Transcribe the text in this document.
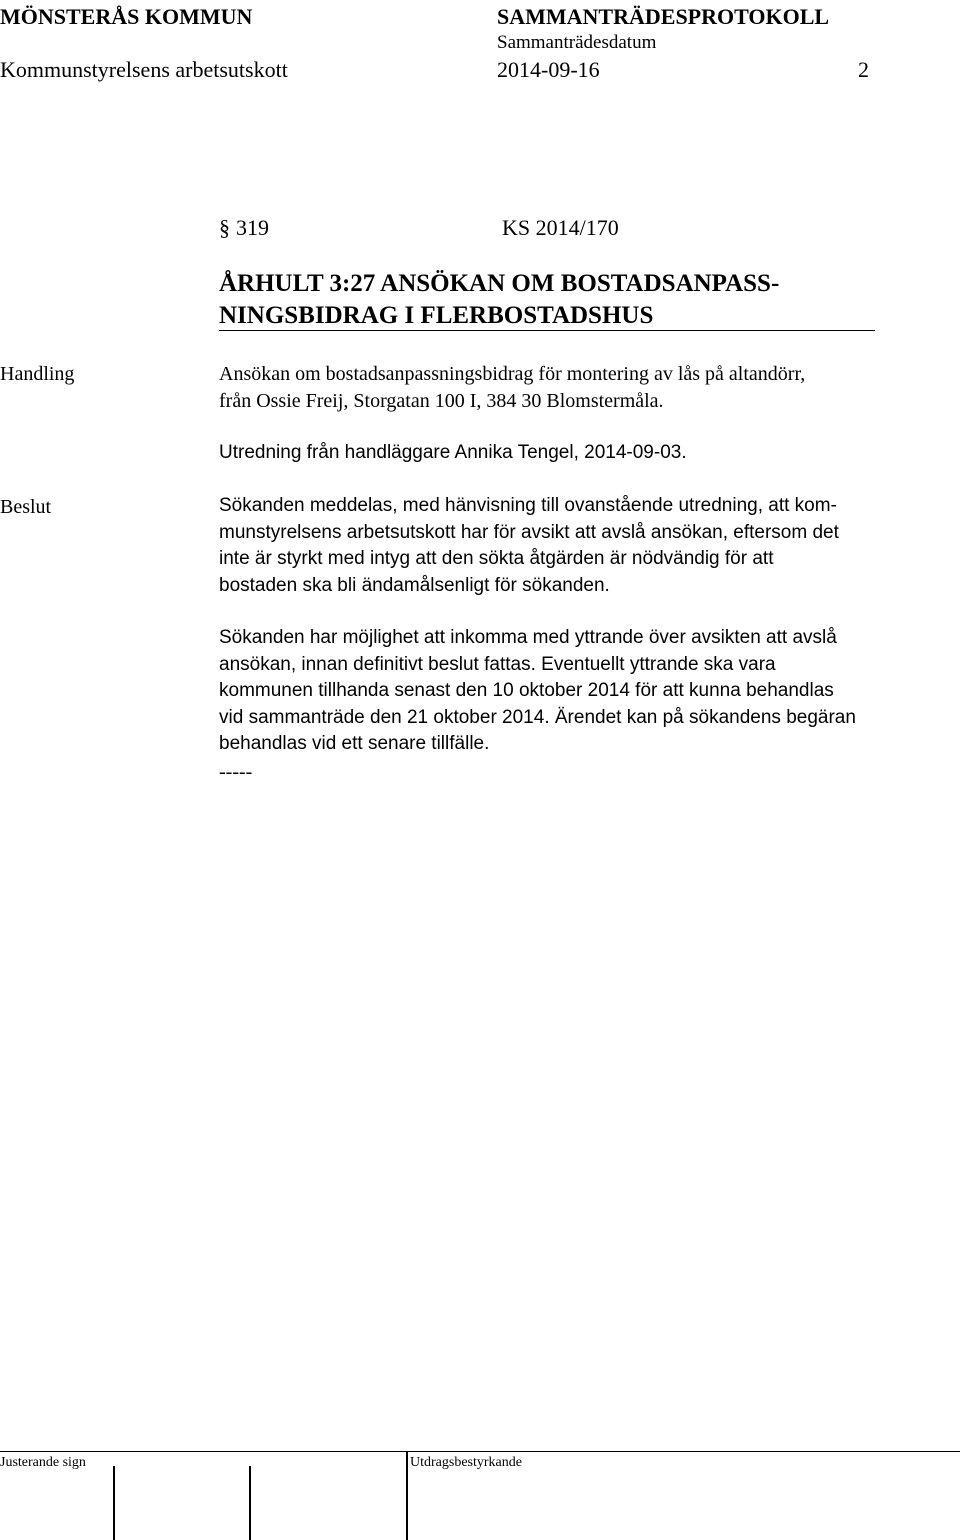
MÖNSTERÅS KOMMUN	SAMMANTRÄDESPROTOKOLL
Sammanträdesdatum
Kommunstyrelsens arbetsutskott	2014-09-16	2
§ 319	KS 2014/170
ÅRHULT 3:27 ANSÖKAN OM BOSTADSANPASS-
NINGSBIDRAG I FLERBOSTADSHUS
Handling	Ansökan om bostadsanpassningsbidrag för montering av lås på altandörr,
från Ossie Freij, Storgatan 100 I, 384 30 Blomstermåla.
Utredning från handläggare Annika Tengel, 2014-09-03.
Beslut	Sökanden meddelas, med hänvisning till ovanstående utredning, att kom-
munstyrelsens arbetsutskott har för avsikt att avslå ansökan, eftersom det
inte är styrkt med intyg att den sökta åtgärden är nödvändig för att
bostaden ska bli ändamålsenligt för sökanden.
Sökanden har möjlighet att inkomma med yttrande över avsikten att avslå
ansökan, innan definitivt beslut fattas. Eventuellt yttrande ska vara
kommunen tillhanda senast den 10 oktober 2014 för att kunna behandlas
vid sammanträde den 21 oktober 2014. Ärendet kan på sökandens begäran
behandlas vid ett senare tillfälle.
-----
Justerande sign	Utdragsbestyrkande
